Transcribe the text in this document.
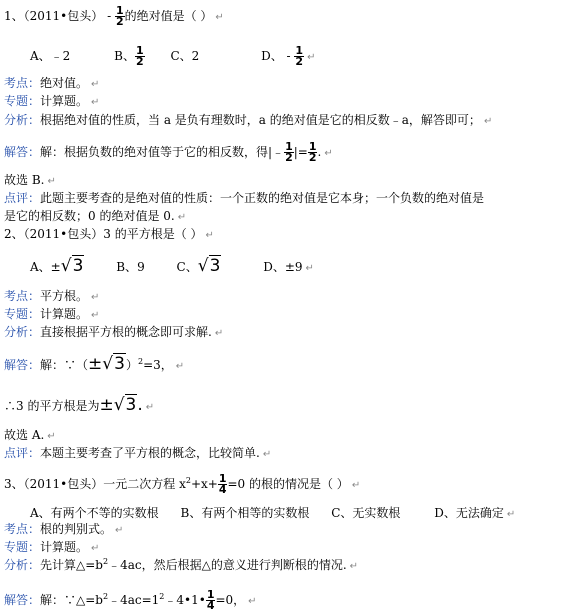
1、（2011•包头） - $\frac{1}{2}$ 的绝对值是（ ） ↵
A、﹣2	B、 $\frac{1}{2}$ C、2	D、 - $\frac{1}{2}$ ↵
考点：绝对值。 ↵
专题：计算题。 ↵
分析：根据绝对值的性质，当 a 是负有理数时，a 的绝对值是它的相反数﹣a，解答即可； ↵
解答：解：根据负数的绝对值等于它的相反数，得|﹣ $\frac{1}{2}$ |= $\frac{1}{2}$ . ↵
故选 B. ↵
点评：此题主要考查的是绝对值的性质：一个正数的绝对值是它本身；一个负数的绝对值是
是它的相反数；0 的绝对值是 0. ↵
2、（2011•包头）3 的平方根是（ ） ↵
A、±√3	B、9	C、√3	D、±9 ↵
考点：平方根。 ↵
专题：计算题。 ↵
分析：直接根据平方根的概念即可求解. ↵
解答：解：$\because(\pm√3)^2=3$， ↵
∴3 的平方根是为±√3. ↵
故选 A. ↵
点评：本题主要考查了平方根的概念，比较简单. ↵
3、（2011•包头）一元二次方程 $x^2+x+ \frac{1}{4} =0$ 的根的情况是（ ） ↵
A、有两个不等的实数根 B、有两个相等的实数根 C、无实数根	D、无法确定 ↵
考点：根的判别式。 ↵
专题：计算题。 ↵
分析：先计算$\triangle=b^2﹣4ac$，然后根据△的意义进行判断根的情况. ↵
解答：解：$\because\triangle=b^2﹣4ac=1^2﹣4•1• \frac{1}{4} =0$， ↵
